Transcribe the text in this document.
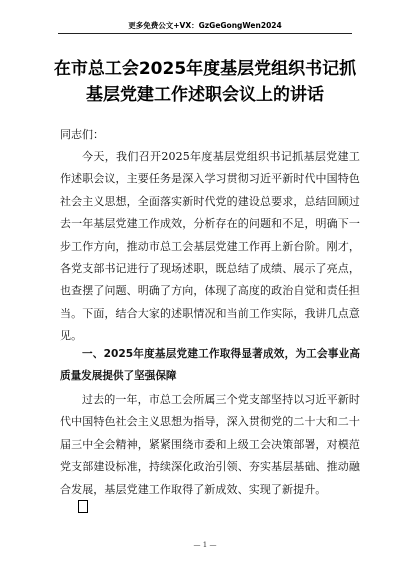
更多免费公文+VX：GzGeGongWen2024
在市总工会2025年度基层党组织书记抓基层党建工作述职会议上的讲话
同志们：
今天，我们召开2025年度基层党组织书记抓基层党建工作述职会议，主要任务是深入学习贯彻习近平新时代中国特色社会主义思想，全面落实新时代党的建设总要求，总结回顾过去一年基层党建工作成效，分析存在的问题和不足，明确下一步工作方向，推动市总工会基层党建工作再上新台阶。刚才，各党支部书记进行了现场述职，既总结了成绩、展示了亮点，也查摆了问题、明确了方向，体现了高度的政治自觉和责任担当。下面，结合大家的述职情况和当前工作实际，我讲几点意见。
一、2025年度基层党建工作取得显著成效，为工会事业高质量发展提供了坚强保障
过去的一年，市总工会所属三个党支部坚持以习近平新时代中国特色社会主义思想为指导，深入贯彻党的二十大和二十届三中全会精神，紧紧围绕市委和上级工会决策部署，对模范党支部建设标准，持续深化政治引领、夯实基层基础、推动融合发展，基层党建工作取得了新成效、实现了新提升。
— 1 —
